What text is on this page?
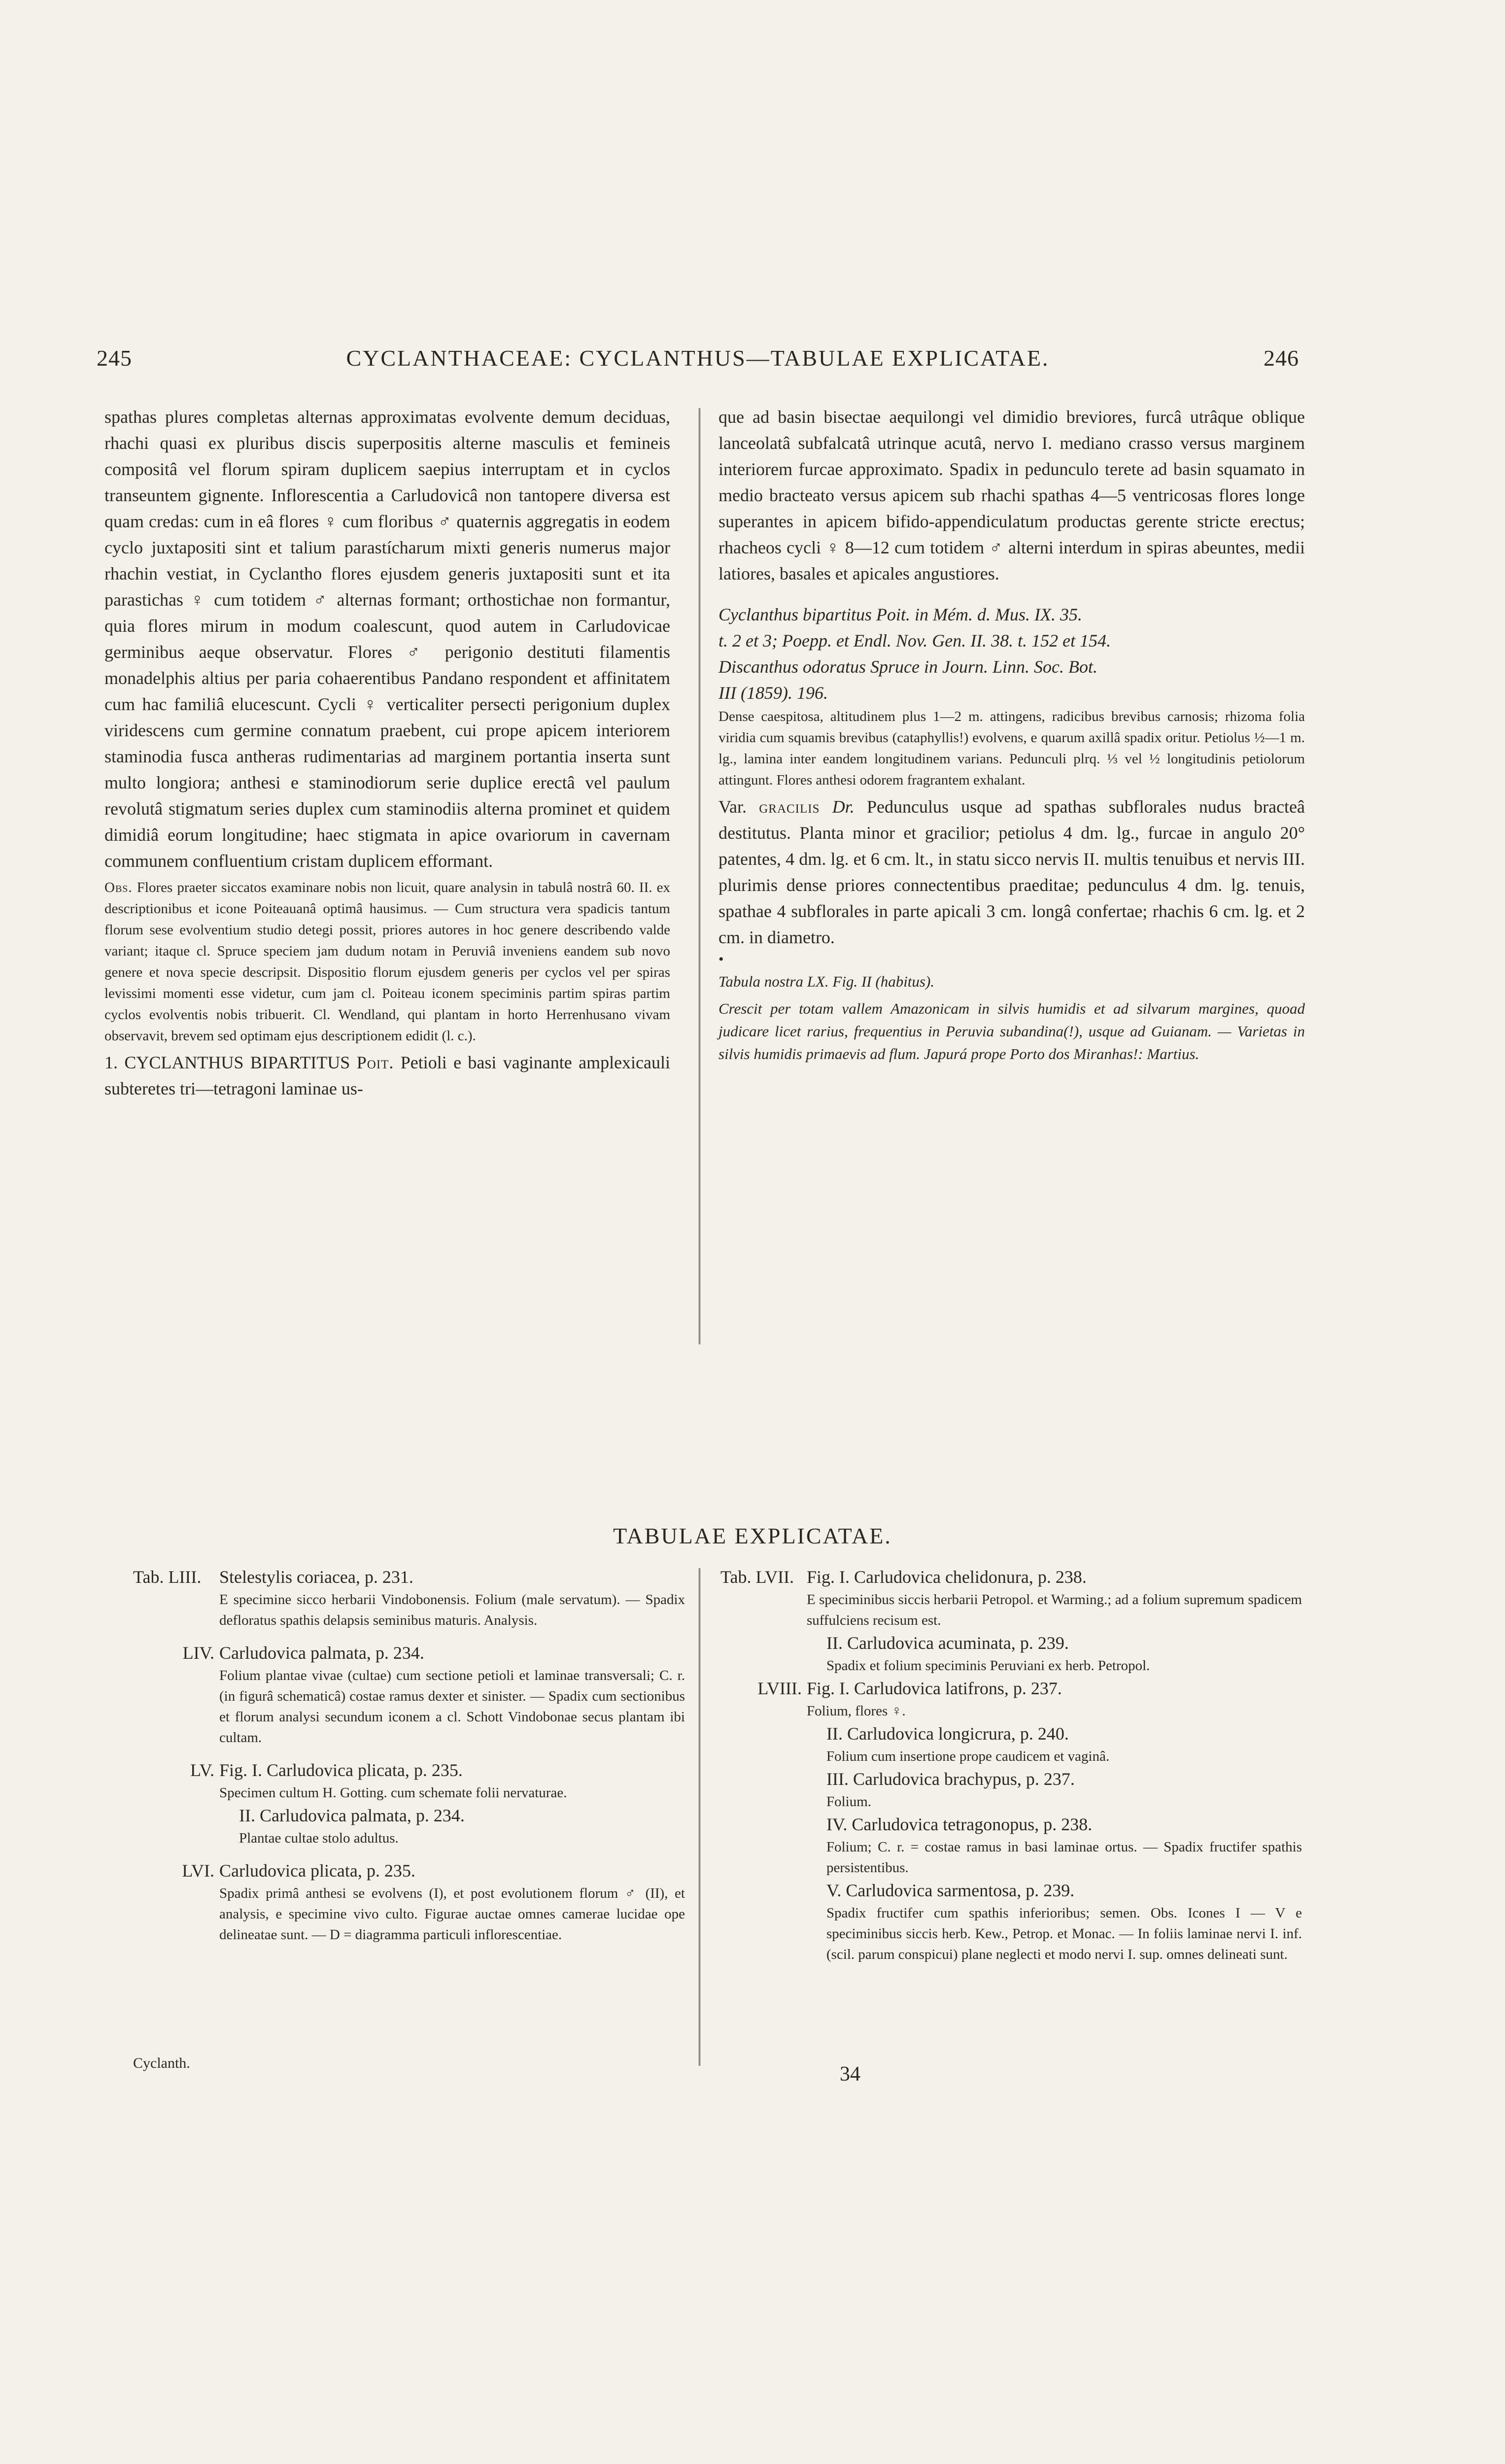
245	CYCLANTHACEAE: CYCLANTHUS—TABULAE EXPLICATAE.	246

spathas plures completas alternas approximatas evolvente demum deciduas, rhachi quasi ex pluribus discis superpositis alterne masculis et femineis compositâ vel florum spiram duplicem saepius interruptam et in cyclos transeuntem gignente. Inflorescentia a Carludovicâ non tantopere diversa est quam credas: cum in eâ flores ♀ cum floribus ♂ quaternis aggregatis in eodem cyclo juxtapositi sint et talium parastícharum mixti generis numerus major rhachin vestiat, in Cyclantho flores ejusdem generis juxtapositi sunt et ita parastichas ♀ cum totidem ♂ alternas formant; orthostichae non formantur, quia flores mirum in modum coalescunt, quod autem in Carludovicae germinibus aeque observatur. Flores ♂ perigonio destituti filamentis monadelphis altius per paria cohaerentibus Pandano respondent et affinitatem cum hac familiâ elucescunt. Cycli ♀ verticaliter persecti perigonium duplex viridescens cum germine connatum praebent, cui prope apicem interiorem staminodia fusca antheras rudimentarias ad marginem portantia inserta sunt multo longiora; anthesi e staminodiorum serie duplice erectâ vel paulum revolutâ stigmatum series duplex cum staminodiis alterna prominet et quidem dimidiâ eorum longitudine; haec stigmata in apice ovariorum in cavernam communem confluentium cristam duplicem efformant.

Obs. Flores praeter siccatos examinare nobis non licuit, quare analysin in tabulâ nostrâ 60. II. ex descriptionibus et icone Poiteauanâ optimâ hausimus. — Cum structura vera spadicis tantum florum sese evolventium studio detegi possit, priores autores in hoc genere describendo valde variant; itaque cl. Spruce speciem jam dudum notam in Peruviâ inveniens eandem sub novo genere et nova specie descripsit. Dispositio florum ejusdem generis per cyclos vel per spiras levissimi momenti esse videtur, cum jam cl. Poiteau iconem speciminis partim spiras partim cyclos evolventis nobis tribuerit. Cl. Wendland, qui plantam in horto Herrenhusano vivam observavit, brevem sed optimam ejus descriptionem edidit (l. c.).

1. CYCLANTHUS BIPARTITUS Poit. Petioli e basi vaginante amplexicauli subteretes tri—tetragoni laminae us-

que ad basin bisectae aequilongi vel dimidio breviores, furcâ utrâque oblique lanceolatâ subfalcatâ utrinque acutâ, nervo I. mediano crasso versus marginem interiorem furcae approximato. Spadix in pedunculo terete ad basin squamato in medio bracteato versus apicem sub rhachi spathas 4—5 ventricosas flores longe superantes in apicem bifido-appendiculatum productas gerente stricte erectus; rhacheos cycli ♀ 8—12 cum totidem ♂ alterni interdum in spiras abeuntes, medii latiores, basales et apicales angustiores.

Cyclanthus bipartitus Poit. in Mém. d. Mus. IX. 35.

t. 2 et 3; Poepp. et Endl. Nov. Gen. II. 38. t. 152 et 154.

Discanthus odoratus Spruce in Journ. Linn. Soc. Bot.

III (1859). 196.

Dense caespitosa, altitudinem plus 1—2 m. attingens, radicibus brevibus carnosis; rhizoma folia viridia cum squamis brevibus (cataphyllis!) evolvens, e quarum axillâ spadix oritur. Petiolus ½—1 m. lg., lamina inter eandem longitudinem varians. Pedunculi plrq. ⅓ vel ½ longitudinis petiolorum attingunt. Flores anthesi odorem fragrantem exhalant.

Var. gracilis Dr. Pedunculus usque ad spathas subflorales nudus bracteâ destitutus. Planta minor et gracilior; petiolus 4 dm. lg., furcae in angulo 20° patentes, 4 dm. lg. et 6 cm. lt., in statu sicco nervis II. multis tenuibus et nervis III. plurimis dense priores connectentibus praeditae; pedunculus 4 dm. lg. tenuis, spathae 4 subflorales in parte apicali 3 cm. longâ confertae; rhachis 6 cm. lg. et 2 cm. in diametro.

•

Tabula nostra LX. Fig. II (habitus).

Crescit per totam vallem Amazonicam in silvis humidis et ad silvarum margines, quoad judicare licet rarius, frequentius in Peruvia subandina(!), usque ad Guianam. — Varietas in silvis humidis primaevis ad flum. Japurá prope Porto dos Miranhas!: Martius.

TABULAE EXPLICATAE.
Tab. LIII.	Stelestylis coriacea, p. 231.
E specimine sicco herbarii Vindobonensis. Folium (male servatum). — Spadix defloratus spathis delapsis seminibus maturis. Analysis.
LIV. Carludovica palmata, p. 234.
Folium plantae vivae (cultae) cum sectione petioli et laminae transversali; C. r. (in figurâ schematicâ) costae ramus dexter et sinister. — Spadix cum sectionibus et florum analysi secundum iconem a cl. Schott Vindobonae secus plantam ibi cultam.
LV. Fig. I. Carludovica plicata, p. 235.
Specimen cultum H. Gotting. cum schemate folii nervaturae.
II. Carludovica palmata, p. 234.
Plantae cultae stolo adultus.
LVI. Carludovica plicata, p. 235.
Spadix primâ anthesi se evolvens (I), et post evolutionem florum ♂ (II), et analysis, e specimine vivo culto. Figurae auctae omnes camerae lucidae ope delineatae sunt. — D = diagramma particuli inflorescentiae.
Tab. LVII. Fig. I. Carludovica chelidonura, p. 238.
E speciminibus siccis herbarii Petropol. et Warming.; ad a folium supremum spadicem suffulciens recisum est.
II. Carludovica acuminata, p. 239.
Spadix et folium speciminis Peruviani ex herb. Petropol.
LVIII. Fig. I. Carludovica latifrons, p. 237.
Folium, flores ♀.
II. Carludovica longicrura, p. 240.
Folium cum insertione prope caudicem et vaginâ.
III. Carludovica brachypus, p. 237.
Folium.
IV. Carludovica tetragonopus, p. 238.
Folium; C. r. = costae ramus in basi laminae ortus. — Spadix fructifer spathis persistentibus.
V. Carludovica sarmentosa, p. 239.
Spadix fructifer cum spathis inferioribus; semen. Obs. Icones I — V e speciminibus siccis herb. Kew., Petrop. et Monac. — In foliis laminae nervi I. inf. (scil. parum conspicui) plane neglecti et modo nervi I. sup. omnes delineati sunt.
Cyclanth.	34
